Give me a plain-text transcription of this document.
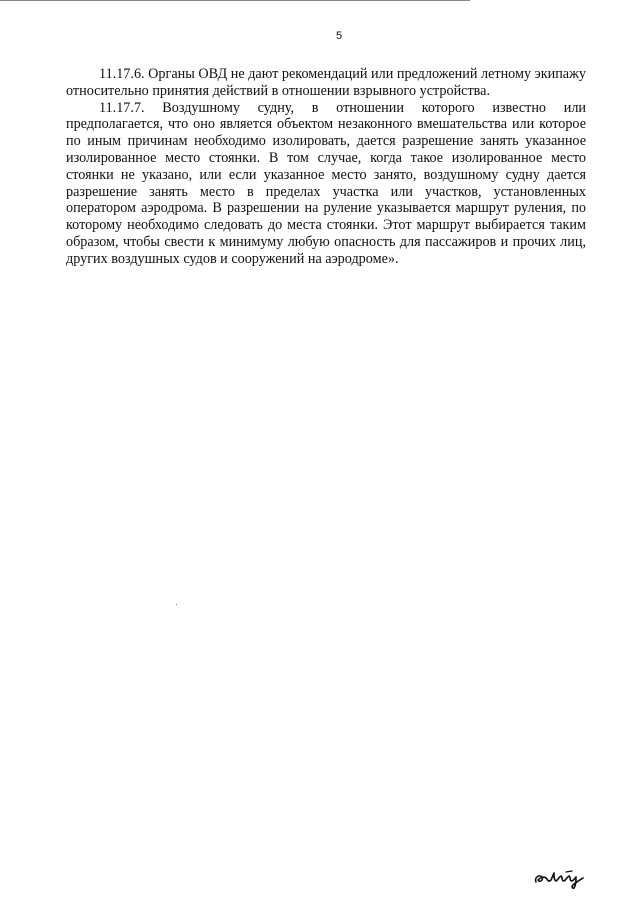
5

11.17.6. Органы ОВД не дают рекомендаций или предложений летному экипажу относительно принятия действий в отношении взрывного устройства.

11.17.7. Воздушному судну, в отношении которого известно или предполагается, что оно является объектом незаконного вмешательства или которое по иным причинам необходимо изолировать, дается разрешение занять указанное изолированное место стоянки. В том случае, когда такое изолированное место стоянки не указано, или если указанное место занято, воздушному судну дается разрешение занять место в пределах участка или участков, установленных оператором аэродрома. В разрешении на руление указывается маршрут руления, по которому необходимо следовать до места стоянки. Этот маршрут выбирается таким образом, чтобы свести к минимуму любую опасность для пассажиров и прочих лиц, других воздушных судов и сооружений на аэродроме».
